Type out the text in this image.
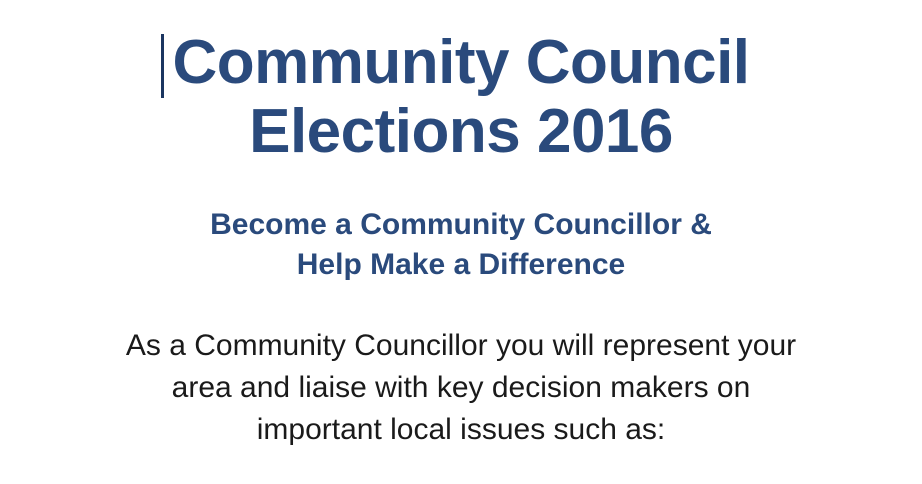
Community Council
Elections 2016
Become a Community Councillor &
Help Make a Difference
As a Community Councillor you will represent your
area and liaise with key decision makers on
important local issues such as:
